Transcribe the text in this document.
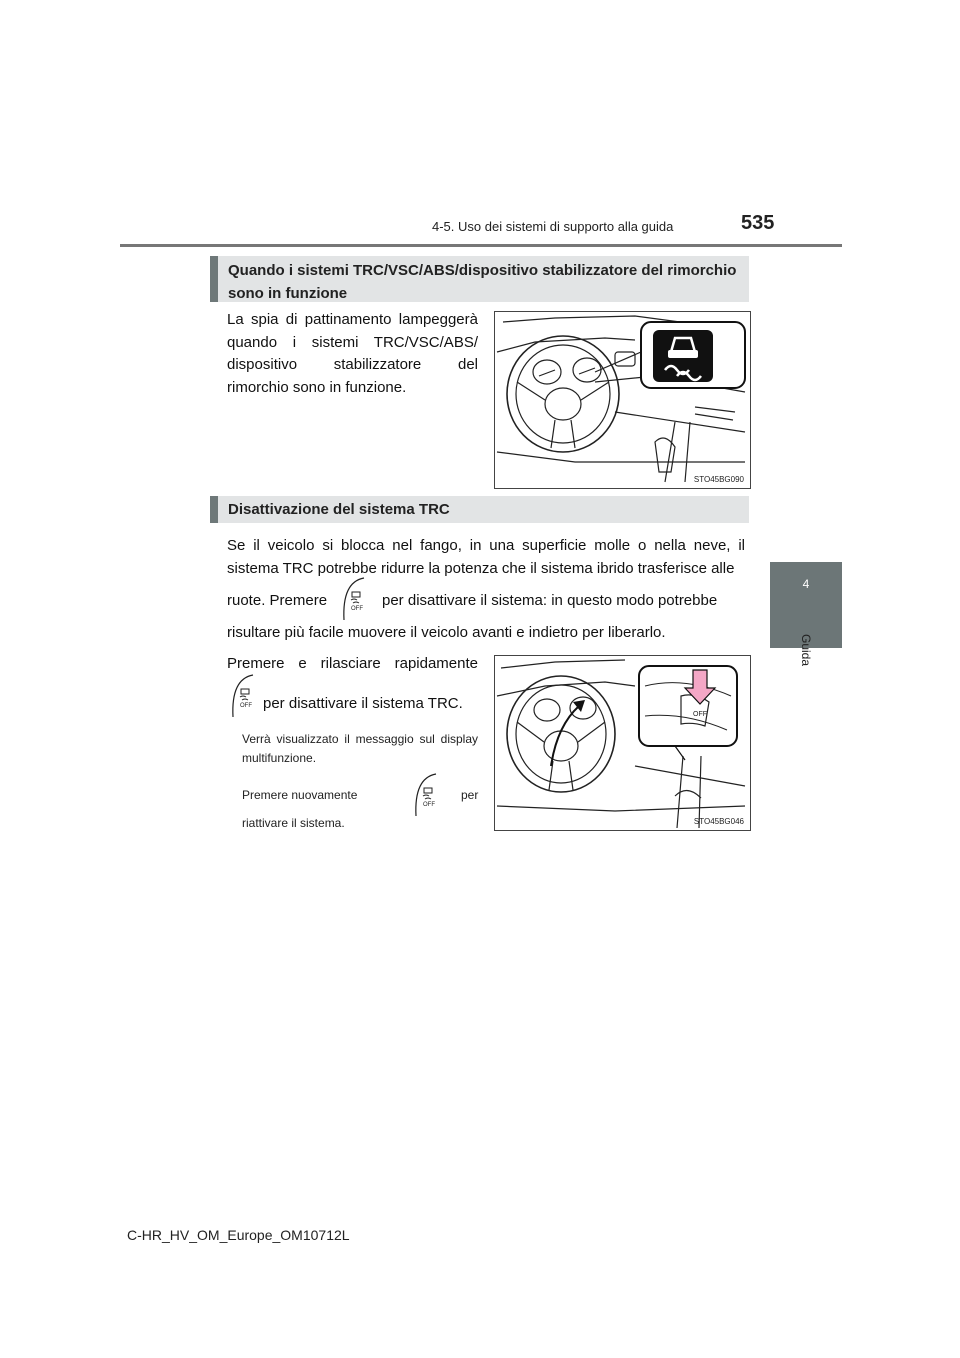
4-5. Uso dei sistemi di supporto alla guida	535
4
Guida
Quando i sistemi TRC/VSC/ABS/dispositivo stabilizzatore del rimorchio sono in funzione
La spia di pattinamento lampeggerà quando i sistemi TRC/VSC/ABS/ dispositivo stabilizzatore del rimorchio sono in funzione.
STO45BG090
Disattivazione del sistema TRC
Se il veicolo si blocca nel fango, in una superficie molle o nella neve, il sistema TRC potrebbe ridurre la potenza che il sistema ibrido trasferisce alle
ruote. Premere	OFF per disattivare il sistema: in questo modo potrebbe
risultare più facile muovere il veicolo avanti e indietro per liberarlo.
Premere e rilasciare rapidamente
OFF per disattivare il sistema TRC.
Verrà visualizzato il messaggio sul display multifunzione.
Premere nuovamente
OFF
per
riattivare il sistema.
OFF
STO45BG046
C-HR_HV_OM_Europe_OM10712L
